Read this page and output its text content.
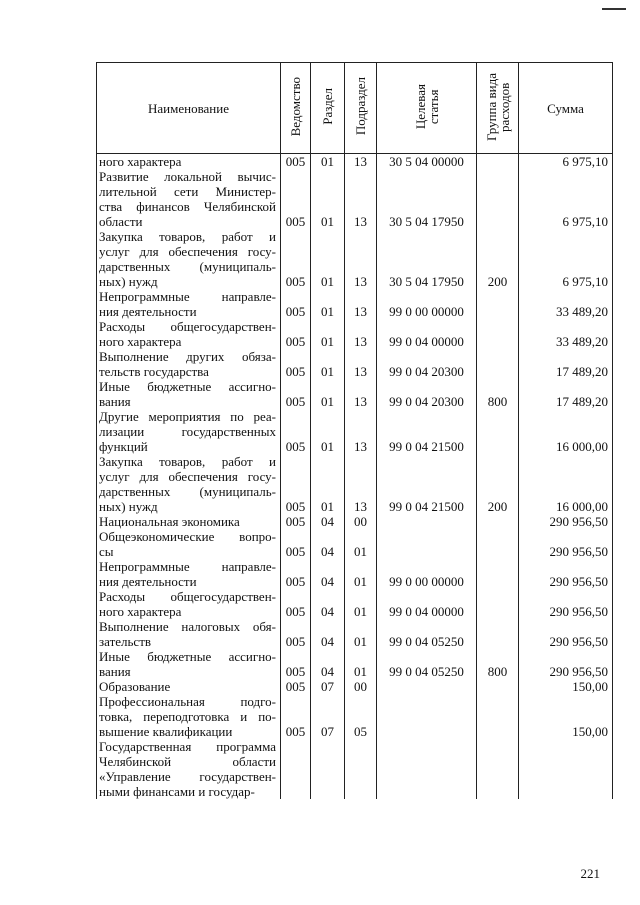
Наименование	Ведомство	Раздел	Подраздел	Целевая
статья	Группа вида
расходов	Сумма

ного характера	005	01	13	30 5 04 00000		6 975,10

Развитие локальной вычис-
лительной сети Министер-
ства финансов Челябинской
области	005	01	13	30 5 04 17950		6 975,10

Закупка товаров, работ и
услуг для обеспечения госу-
дарственных (муниципаль-
ных) нужд	005	01	13	30 5 04 17950	200	6 975,10

Непрограммные направле-
ния деятельности	005	01	13	99 0 00 00000		33 489,20

Расходы общегосударствен-
ного характера	005	01	13	99 0 04 00000		33 489,20

Выполнение других обяза-
тельств государства	005	01	13	99 0 04 20300		17 489,20

Иные бюджетные ассигно-
вания	005	01	13	99 0 04 20300	800	17 489,20

Другие мероприятия по реа-
лизации государственных
функций	005	01	13	99 0 04 21500		16 000,00

Закупка товаров, работ и
услуг для обеспечения госу-
дарственных (муниципаль-
ных) нужд	005	01	13	99 0 04 21500	200	16 000,00

Национальная экономика	005	04	00			290 956,50

Общеэкономические вопро-
сы	005	04	01			290 956,50

Непрограммные направле-
ния деятельности	005	04	01	99 0 00 00000		290 956,50

Расходы общегосударствен-
ного характера	005	04	01	99 0 04 00000		290 956,50

Выполнение налоговых обя-
зательств	005	04	01	99 0 04 05250		290 956,50

Иные бюджетные ассигно-
вания	005	04	01	99 0 04 05250	800	290 956,50

Образование	005	07	00			150,00

Профессиональная подго-
товка, переподготовка и по-
вышение квалификации	005	07	05			150,00

Государственная программа
Челябинской области
«Управление государствен-
ными финансами и государ-						

221
